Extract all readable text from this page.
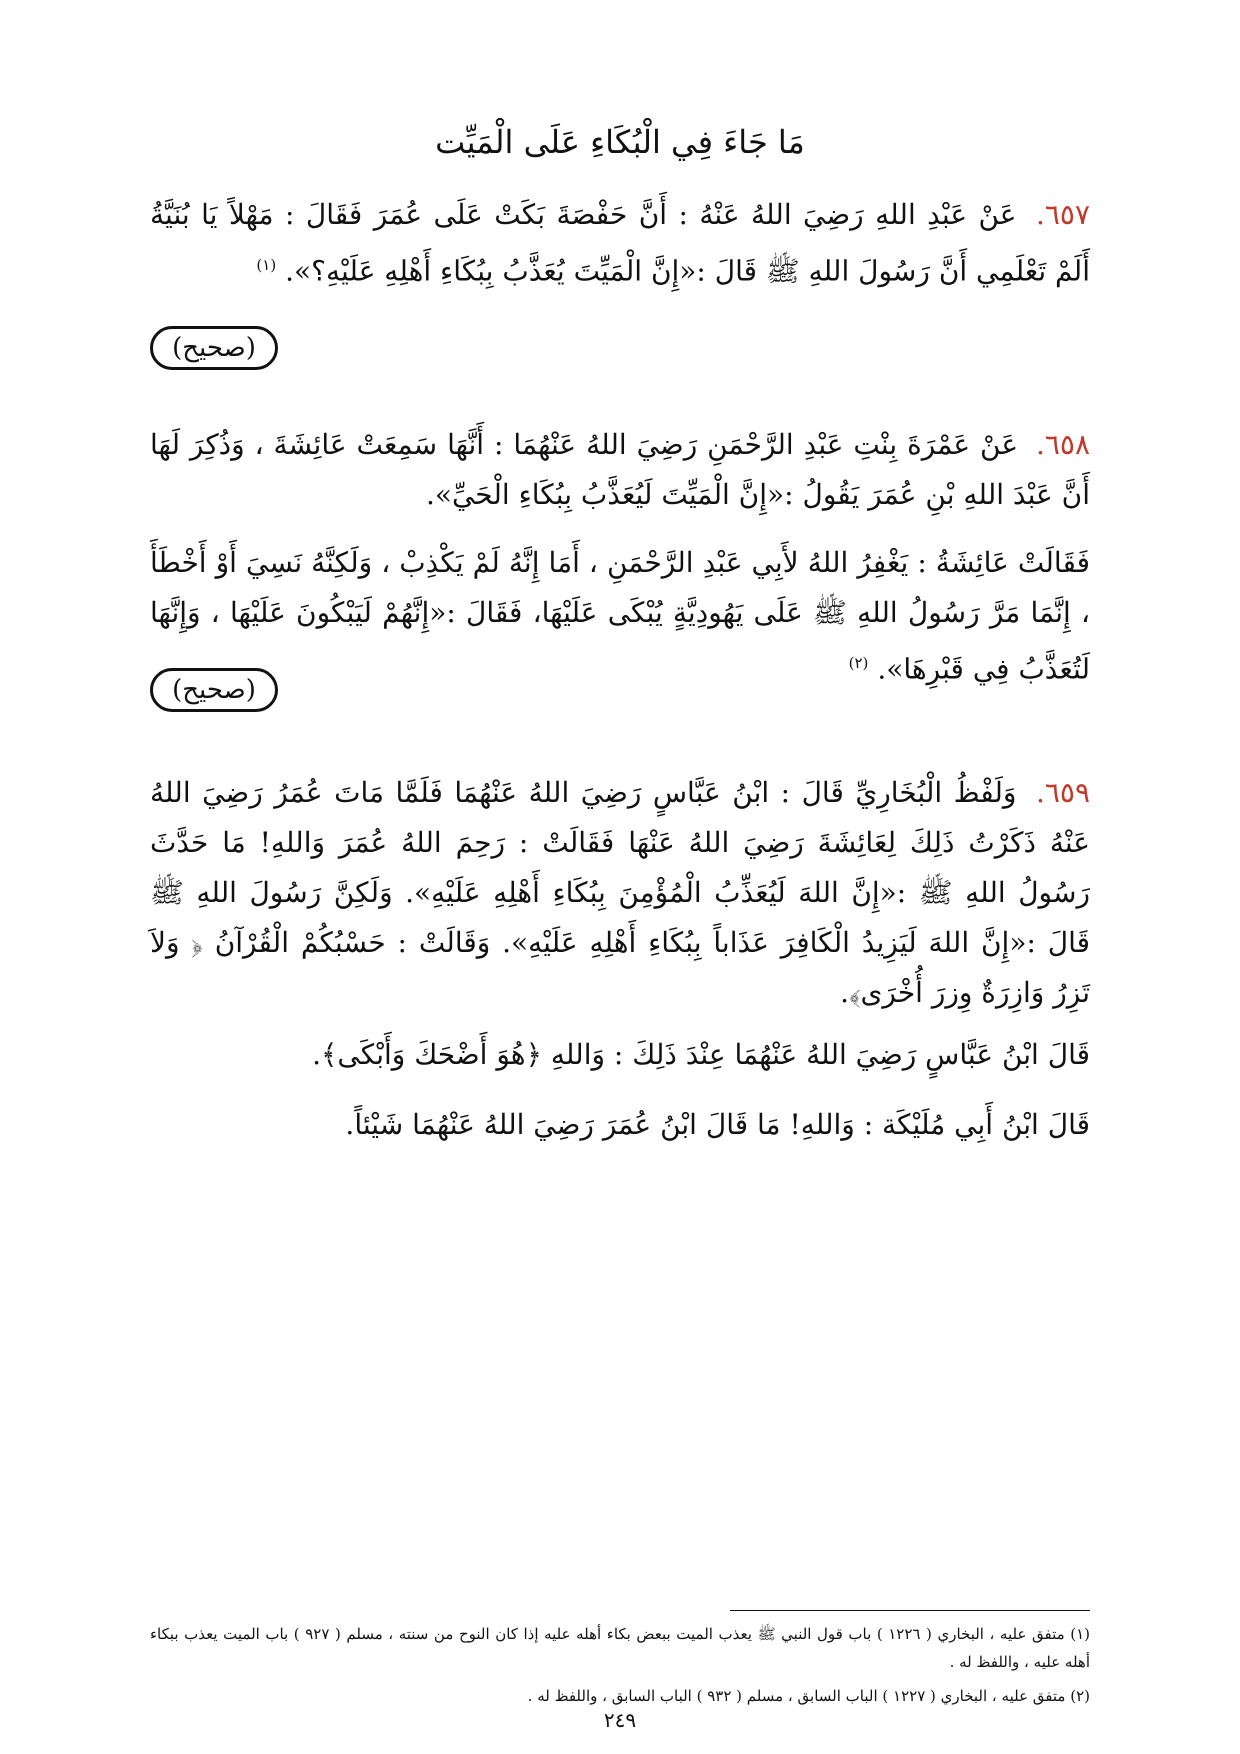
مَا جَاءَ فِي الْبُكَاءِ عَلَى الْمَيِّت
٦٥٧. عَنْ عَبْدِ اللهِ رَضِيَ اللهُ عَنْهُ : أَنَّ حَفْصَةَ بَكَتْ عَلَى عُمَرَ فَقَالَ : مَهْلاً يَا بُنَيَّةُ أَلَمْ تَعْلَمِي أَنَّ رَسُولَ اللهِ ﷺ قَالَ :«إِنَّ الْمَيِّتَ يُعَذَّبُ بِبُكَاءِ أَهْلِهِ عَلَيْهِ؟». $^{(١)}$
(صحيح)
٦٥٨. عَنْ عَمْرَةَ بِنْتِ عَبْدِ الرَّحْمَنِ رَضِيَ اللهُ عَنْهُمَا : أَنَّهَا سَمِعَتْ عَائِشَةَ ، وَذُكِرَ لَهَا أَنَّ عَبْدَ اللهِ بْنِ عُمَرَ يَقُولُ :«إِنَّ الْمَيِّتَ لَيُعَذَّبُ بِبُكَاءِ الْحَيِّ».
فَقَالَتْ عَائِشَةُ : يَغْفِرُ اللهُ لأَبِي عَبْدِ الرَّحْمَنِ ، أَمَا إِنَّهُ لَمْ يَكْذِبْ ، وَلَكِنَّهُ نَسِيَ أَوْ أَخْطَأَ ، إِنَّمَا مَرَّ رَسُولُ اللهِ ﷺ عَلَى يَهُودِيَّةٍ يُبْكَى عَلَيْهَا، فَقَالَ :«إِنَّهُمْ لَيَبْكُونَ عَلَيْهَا ، وَإِنَّهَا لَتُعَذَّبُ فِي قَبْرِهَا». $^{(٢)}$
(صحيح)
٦٥٩. وَلَفْظُ الْبُخَارِيِّ قَالَ : ابْنُ عَبَّاسٍ رَضِيَ اللهُ عَنْهُمَا فَلَمَّا مَاتَ عُمَرُ رَضِيَ اللهُ عَنْهُ ذَكَرْتُ ذَلِكَ لِعَائِشَةَ رَضِيَ اللهُ عَنْهَا فَقَالَتْ : رَحِمَ اللهُ عُمَرَ وَاللهِ! مَا حَدَّثَ رَسُولُ اللهِ ﷺ :«إِنَّ اللهَ لَيُعَذِّبُ الْمُؤْمِنَ بِبُكَاءِ أَهْلِهِ عَلَيْهِ». وَلَكِنَّ رَسُولَ اللهِ ﷺ قَالَ :«إِنَّ اللهَ لَيَزِيدُ الْكَافِرَ عَذَاباً بِبُكَاءِ أَهْلِهِ عَلَيْهِ». وَقَالَتْ : حَسْبُكُمْ الْقُرْآنُ ﴿ وَلاَ تَزِرُ وَازِرَةٌ وِزرَ أُخْرَى﴾.
قَالَ ابْنُ عَبَّاسٍ رَضِيَ اللهُ عَنْهُمَا عِنْدَ ذَلِكَ : وَاللهِ ﴿هُوَ أَضْحَكَ وَأَبْكَى﴾.
قَالَ ابْنُ أَبِي مُلَيْكَة : وَاللهِ! مَا قَالَ ابْنُ عُمَرَ رَضِيَ اللهُ عَنْهُمَا شَيْئاً.

(١) متفق عليه ، البخاري ( ١٢٢٦ ) باب قول النبي ﷺ يعذب الميت ببعض بكاء أهله عليه إذا كان النوح من سنته ، مسلم ( ٩٢٧ ) باب الميت يعذب ببكاء أهله عليه ، واللفظ له .

(٢) متفق عليه ، البخاري ( ١٢٢٧ ) الباب السابق ، مسلم ( ٩٣٢ ) الباب السابق ، واللفظ له .

٢٤٩
